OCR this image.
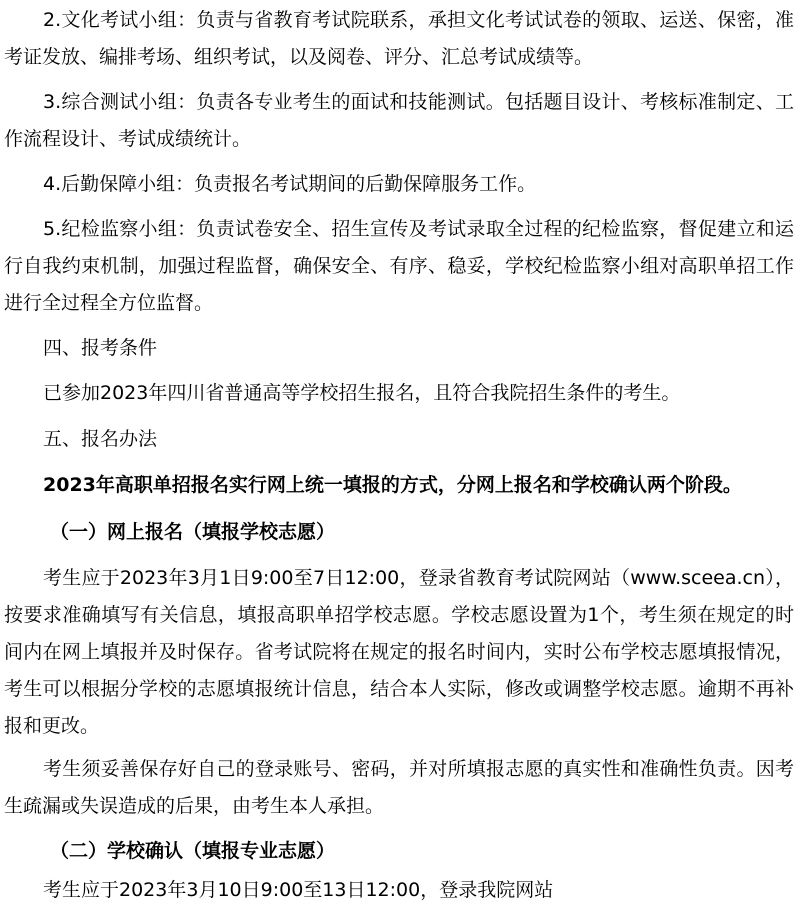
2.文化考试小组：负责与省教育考试院联系，承担文化考试试卷的领取、运送、保密，准考证发放、编排考场、组织考试，以及阅卷、评分、汇总考试成绩等。

3.综合测试小组：负责各专业考生的面试和技能测试。包括题目设计、考核标准制定、工作流程设计、考试成绩统计。

4.后勤保障小组：负责报名考试期间的后勤保障服务工作。

5.纪检监察小组：负责试卷安全、招生宣传及考试录取全过程的纪检监察，督促建立和运行自我约束机制，加强过程监督，确保安全、有序、稳妥，学校纪检监察小组对高职单招工作进行全过程全方位监督。

四、报考条件

已参加2023年四川省普通高等学校招生报名，且符合我院招生条件的考生。

五、报名办法

2023年高职单招报名实行网上统一填报的方式，分网上报名和学校确认两个阶段。

（一）网上报名（填报学校志愿）

考生应于2023年3月1日9:00至7日12:00，登录省教育考试院网站（www.sceea.cn），按要求准确填写有关信息，填报高职单招学校志愿。学校志愿设置为1个，考生须在规定的时间内在网上填报并及时保存。省考试院将在规定的报名时间内，实时公布学校志愿填报情况，考生可以根据分学校的志愿填报统计信息，结合本人实际，修改或调整学校志愿。逾期不再补报和更改。

考生须妥善保存好自己的登录账号、密码，并对所填报志愿的真实性和准确性负责。因考生疏漏或失误造成的后果，由考生本人承担。

（二）学校确认（填报专业志愿）

考生应于2023年3月10日9:00至13日12:00，登录我院网站
